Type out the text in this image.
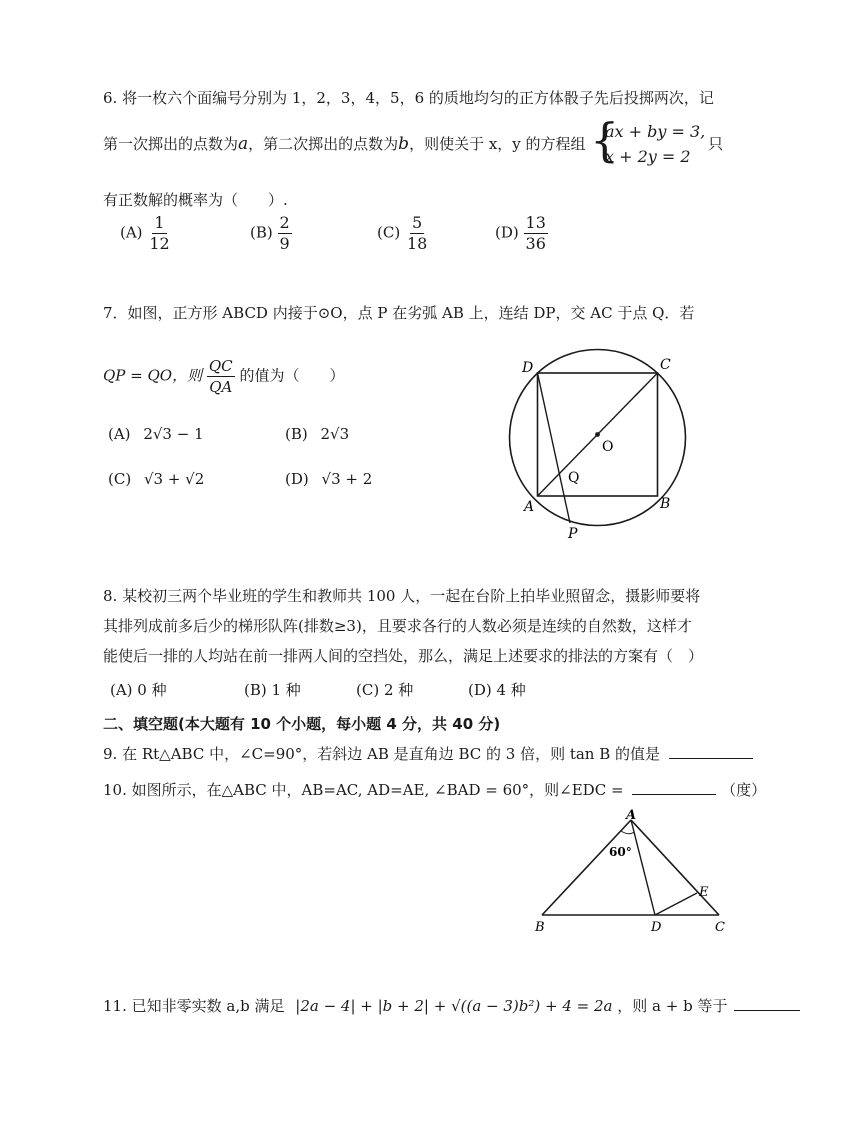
6. 将一枚六个面编号分别为 1，2，3，4，5，6 的质地均匀的正方体骰子先后投掷两次，记
第一次掷出的点数为a，第二次掷出的点数为b，则使关于 x，y 的方程组 {
ax + by = 3,
x + 2y = 2
只
有正数解的概率为（　　）.
$(A) \frac{1}{12}$	$(B) \frac{2}{9}$	$(C) \frac{5}{18}$	$(D) \frac{13}{36}$
7．如图，正方形 ABCD 内接于⊙O，点 P 在劣弧 AB 上，连结 DP，交 AC 于点 Q．若
QP = QO，则 $\frac{QC}{QA}$ 的值为（　　）
(A) 2√3 − 1	(B) 2√3
(C) √3 + √2	(D) √3 + 2
D	C
O
Q
A	B
P
8. 某校初三两个毕业班的学生和教师共 100 人，一起在台阶上拍毕业照留念，摄影师要将
其排列成前多后少的梯形队阵(排数≥3)，且要求各行的人数必须是连续的自然数，这样才
能使后一排的人均站在前一排两人间的空挡处，那么，满足上述要求的排法的方案有（　）
(A) 0 种	(B) 1 种	(C) 2 种	(D) 4 种
二、填空题(本大题有 10 个小题，每小题 4 分，共 40 分)
9. 在 Rt△ABC 中，∠C=90°，若斜边 AB 是直角边 BC 的 3 倍，则 tan B 的值是
10. 如图所示，在△ABC 中，AB=AC, AD=AE, ∠BAD = 60°，则∠EDC =	（度）
A
60°
E
B	D	C
11. 已知非零实数 a,b 满足 |2a − 4| + |b + 2| + √((a − 3)b²) + 4 = 2a ，则 a + b 等于
